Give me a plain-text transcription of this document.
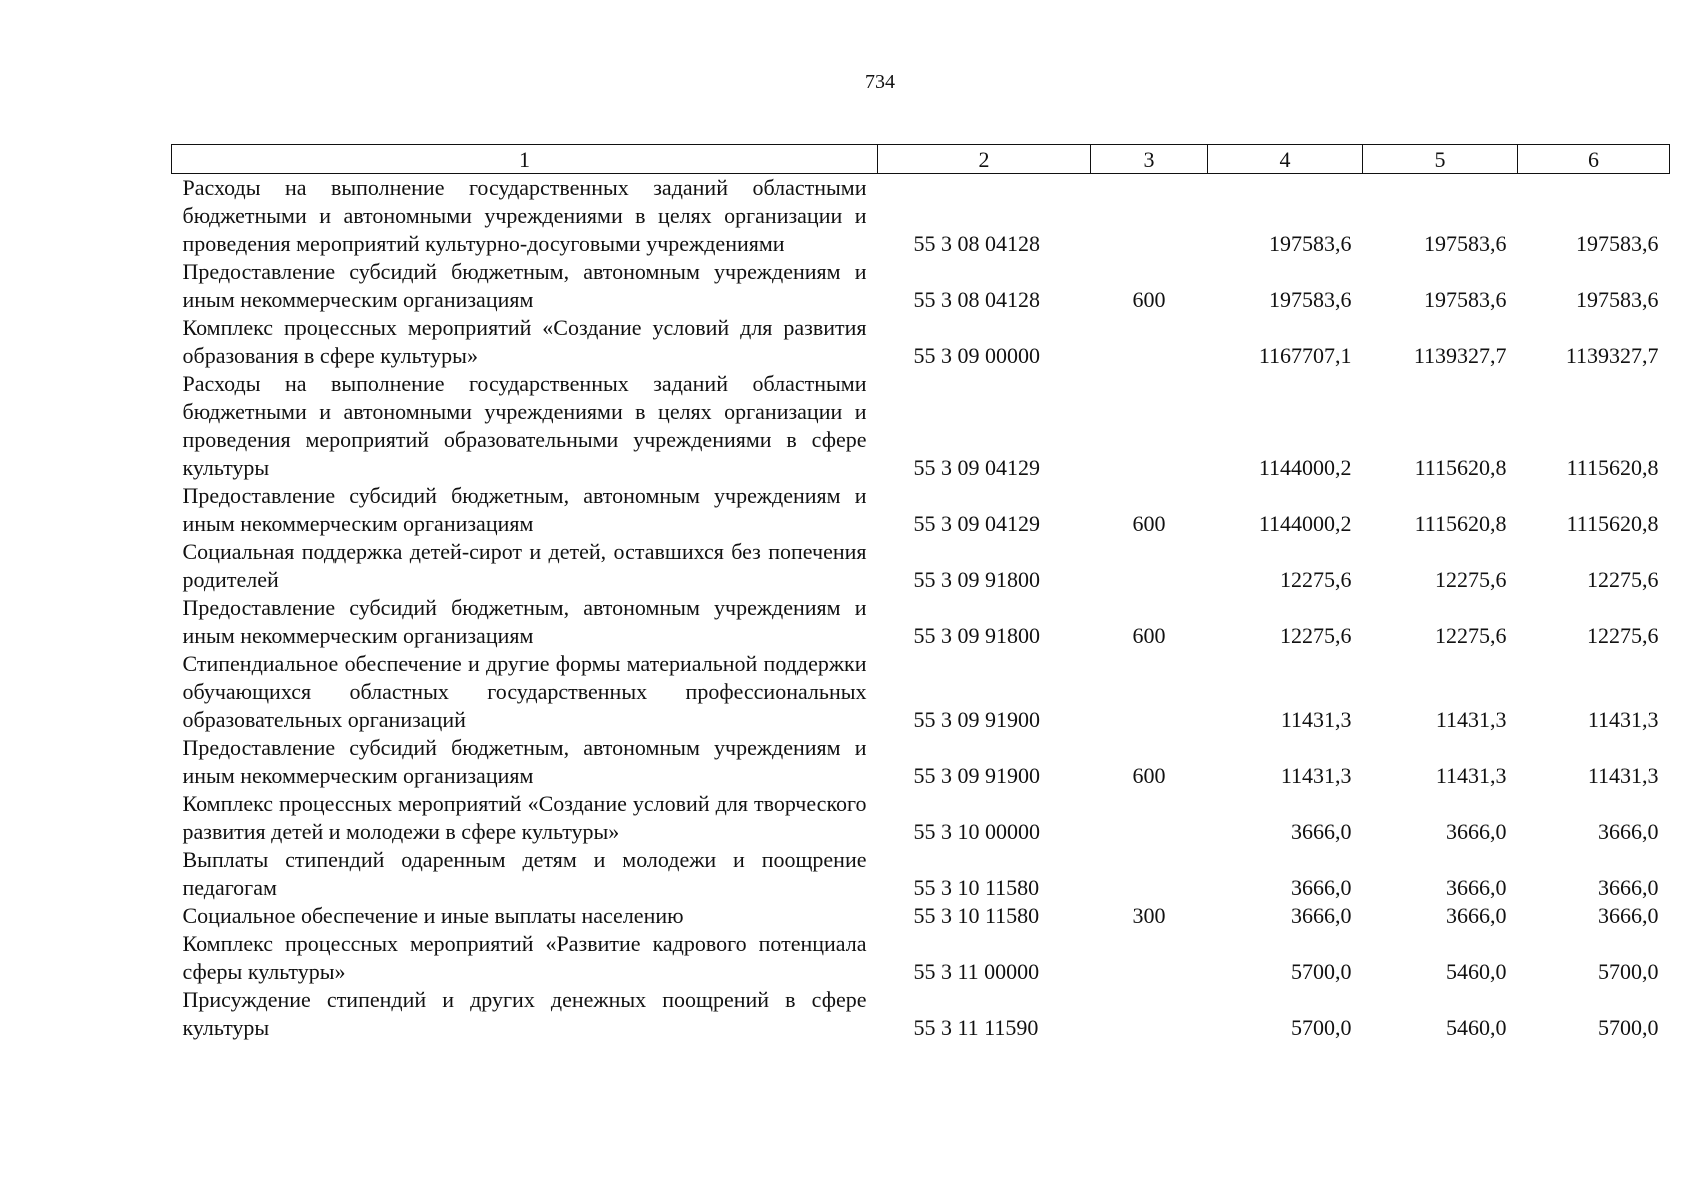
734
1	2	3	4	5	6
Расходы на выполнение государственных заданий областными бюджетными и автономными учреждениями в целях организации и проведения мероприятий культурно-досуговыми учреждениями	55 3 08 04128		197583,6	197583,6	197583,6
Предоставление субсидий бюджетным, автономным учреждениям и иным некоммерческим организациям	55 3 08 04128	600	197583,6	197583,6	197583,6
Комплекс процессных мероприятий «Создание условий для развития образования в сфере культуры»	55 3 09 00000		1167707,1	1139327,7	1139327,7
Расходы на выполнение государственных заданий областными бюджетными и автономными учреждениями в целях организации и проведения мероприятий образовательными учреждениями в сфере культуры	55 3 09 04129		1144000,2	1115620,8	1115620,8
Предоставление субсидий бюджетным, автономным учреждениям и иным некоммерческим организациям	55 3 09 04129	600	1144000,2	1115620,8	1115620,8
Социальная поддержка детей-сирот и детей, оставшихся без попечения родителей	55 3 09 91800		12275,6	12275,6	12275,6
Предоставление субсидий бюджетным, автономным учреждениям и иным некоммерческим организациям	55 3 09 91800	600	12275,6	12275,6	12275,6
Стипендиальное обеспечение и другие формы материальной поддержки обучающихся областных государственных профессиональных образовательных организаций	55 3 09 91900		11431,3	11431,3	11431,3
Предоставление субсидий бюджетным, автономным учреждениям и иным некоммерческим организациям	55 3 09 91900	600	11431,3	11431,3	11431,3
Комплекс процессных мероприятий «Создание условий для творческого развития детей и молодежи в сфере культуры»	55 3 10 00000		3666,0	3666,0	3666,0
Выплаты стипендий одаренным детям и молодежи и поощрение педагогам	55 3 10 11580		3666,0	3666,0	3666,0
Социальное обеспечение и иные выплаты населению	55 3 10 11580	300	3666,0	3666,0	3666,0
Комплекс процессных мероприятий «Развитие кадрового потенциала сферы культуры»	55 3 11 00000		5700,0	5460,0	5700,0
Присуждение стипендий и других денежных поощрений в сфере культуры	55 3 11 11590		5700,0	5460,0	5700,0
